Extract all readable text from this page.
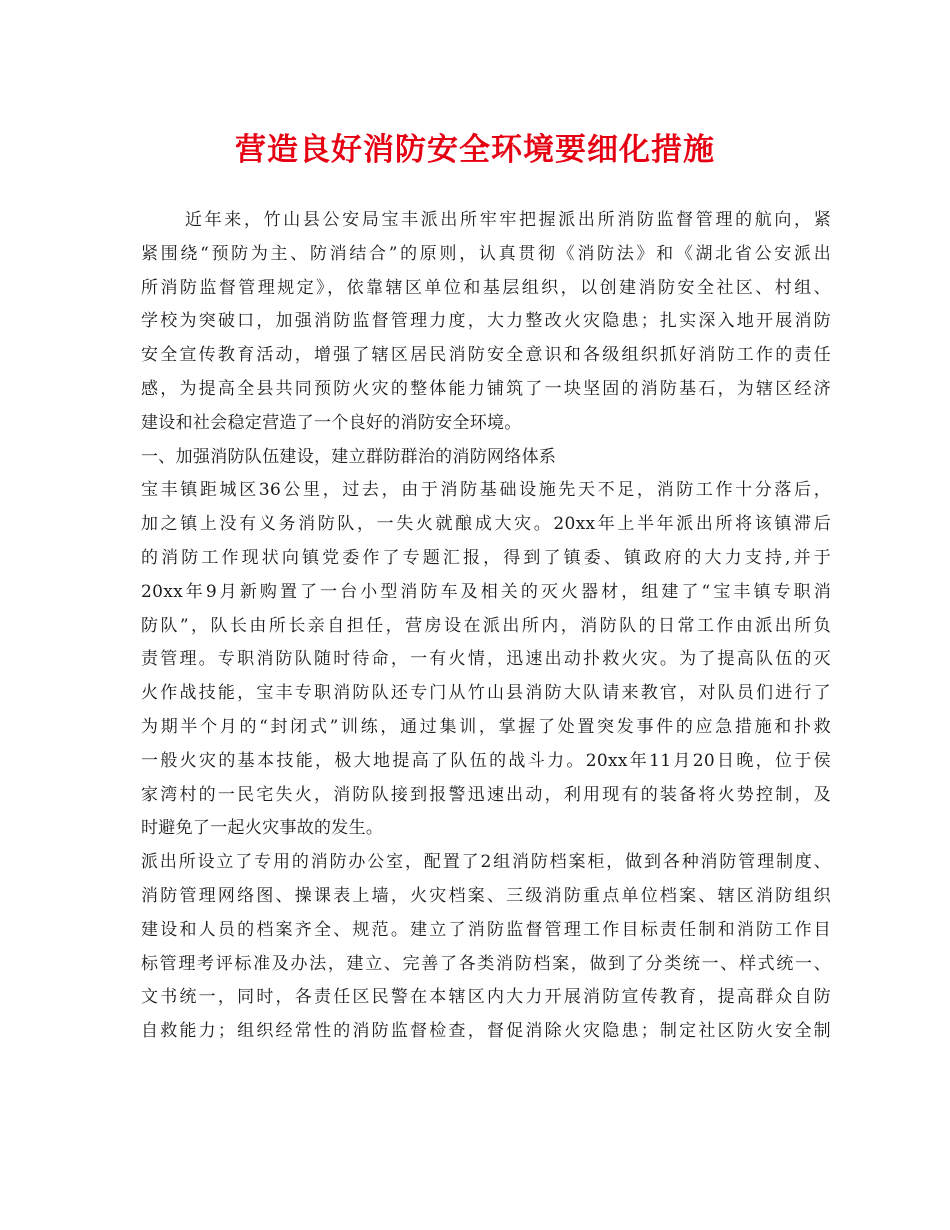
营造良好消防安全环境要细化措施
近年来，竹山县公安局宝丰派出所牢牢把握派出所消防监督管理的航向，紧
紧围绕“预防为主、防消结合”的原则，认真贯彻《消防法》和《湖北省公安派出
所消防监督管理规定》，依靠辖区单位和基层组织，以创建消防安全社区、村组、
学校为突破口，加强消防监督管理力度，大力整改火灾隐患；扎实深入地开展消防
安全宣传教育活动，增强了辖区居民消防安全意识和各级组织抓好消防工作的责任
感，为提高全县共同预防火灾的整体能力铺筑了一块坚固的消防基石，为辖区经济
建设和社会稳定营造了一个良好的消防安全环境。
一、加强消防队伍建设，建立群防群治的消防网络体系
宝丰镇距城区36公里，过去，由于消防基础设施先天不足，消防工作十分落后，
加之镇上没有义务消防队，一失火就酿成大灾。20xx年上半年派出所将该镇滞后
的消防工作现状向镇党委作了专题汇报，得到了镇委、镇政府的大力支持,并于
20xx年9月新购置了一台小型消防车及相关的灭火器材，组建了“宝丰镇专职消
防队”，队长由所长亲自担任，营房设在派出所内，消防队的日常工作由派出所负
责管理。专职消防队随时待命，一有火情，迅速出动扑救火灾。为了提高队伍的灭
火作战技能，宝丰专职消防队还专门从竹山县消防大队请来教官，对队员们进行了
为期半个月的“封闭式”训练，通过集训，掌握了处置突发事件的应急措施和扑救
一般火灾的基本技能，极大地提高了队伍的战斗力。20xx年11月20日晚，位于侯
家湾村的一民宅失火，消防队接到报警迅速出动，利用现有的装备将火势控制，及
时避免了一起火灾事故的发生。
派出所设立了专用的消防办公室，配置了2组消防档案柜，做到各种消防管理制度、
消防管理网络图、操课表上墙，火灾档案、三级消防重点单位档案、辖区消防组织
建设和人员的档案齐全、规范。建立了消防监督管理工作目标责任制和消防工作目
标管理考评标准及办法，建立、完善了各类消防档案，做到了分类统一、样式统一、
文书统一，同时，各责任区民警在本辖区内大力开展消防宣传教育，提高群众自防
自救能力；组织经常性的消防监督检查，督促消除火灾隐患；制定社区防火安全制
